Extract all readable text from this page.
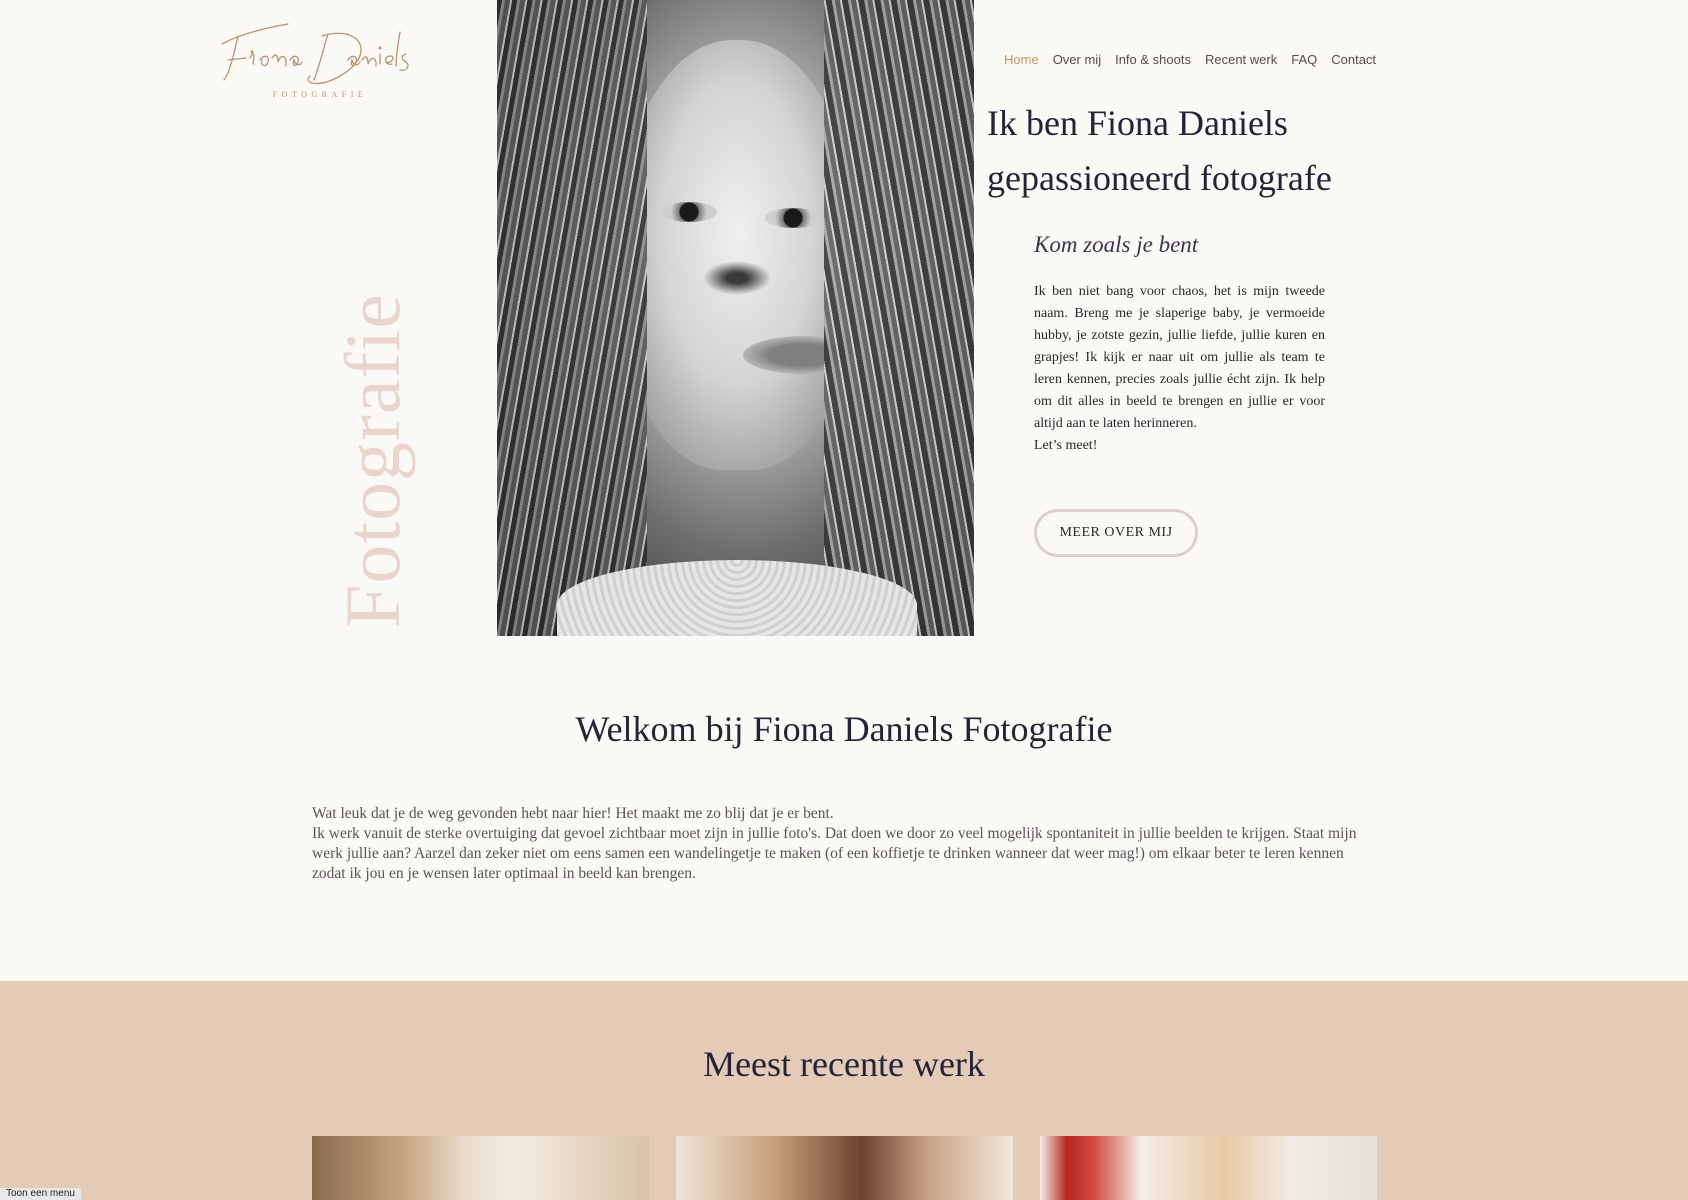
FOTOGRAFIE
Home Over mij Info & shoots Recent werk FAQ Contact
Fotografie
Ik ben Fiona Daniels
gepassioneerd fotografe
Kom zoals je bent

Ik ben niet bang voor chaos, het is mijn tweede naam. Breng me je slaperige baby, je vermoeide hubby, je zotste gezin, jullie liefde, jullie kuren en grapjes! Ik kijk er naar uit om jullie als team te leren kennen, precies zoals jullie écht zijn. Ik help om dit alles in beeld te brengen en jullie er voor altijd aan te laten herinneren.

Let’s meet!

MEER OVER MIJ
Welkom bij Fiona Daniels Fotografie

Wat leuk dat je de weg gevonden hebt naar hier! Het maakt me zo blij dat je er bent.

Ik werk vanuit de sterke overtuiging dat gevoel zichtbaar moet zijn in jullie foto's. Dat doen we door zo veel mogelijk spontaniteit in jullie beelden te krijgen. Staat mijn werk jullie aan? Aarzel dan zeker niet om eens samen een wandelingetje te maken (of een koffietje te drinken wanneer dat weer mag!) om elkaar beter te leren kennen zodat ik jou en je wensen later optimaal in beeld kan brengen.

Meest recente werk
Toon een menu
